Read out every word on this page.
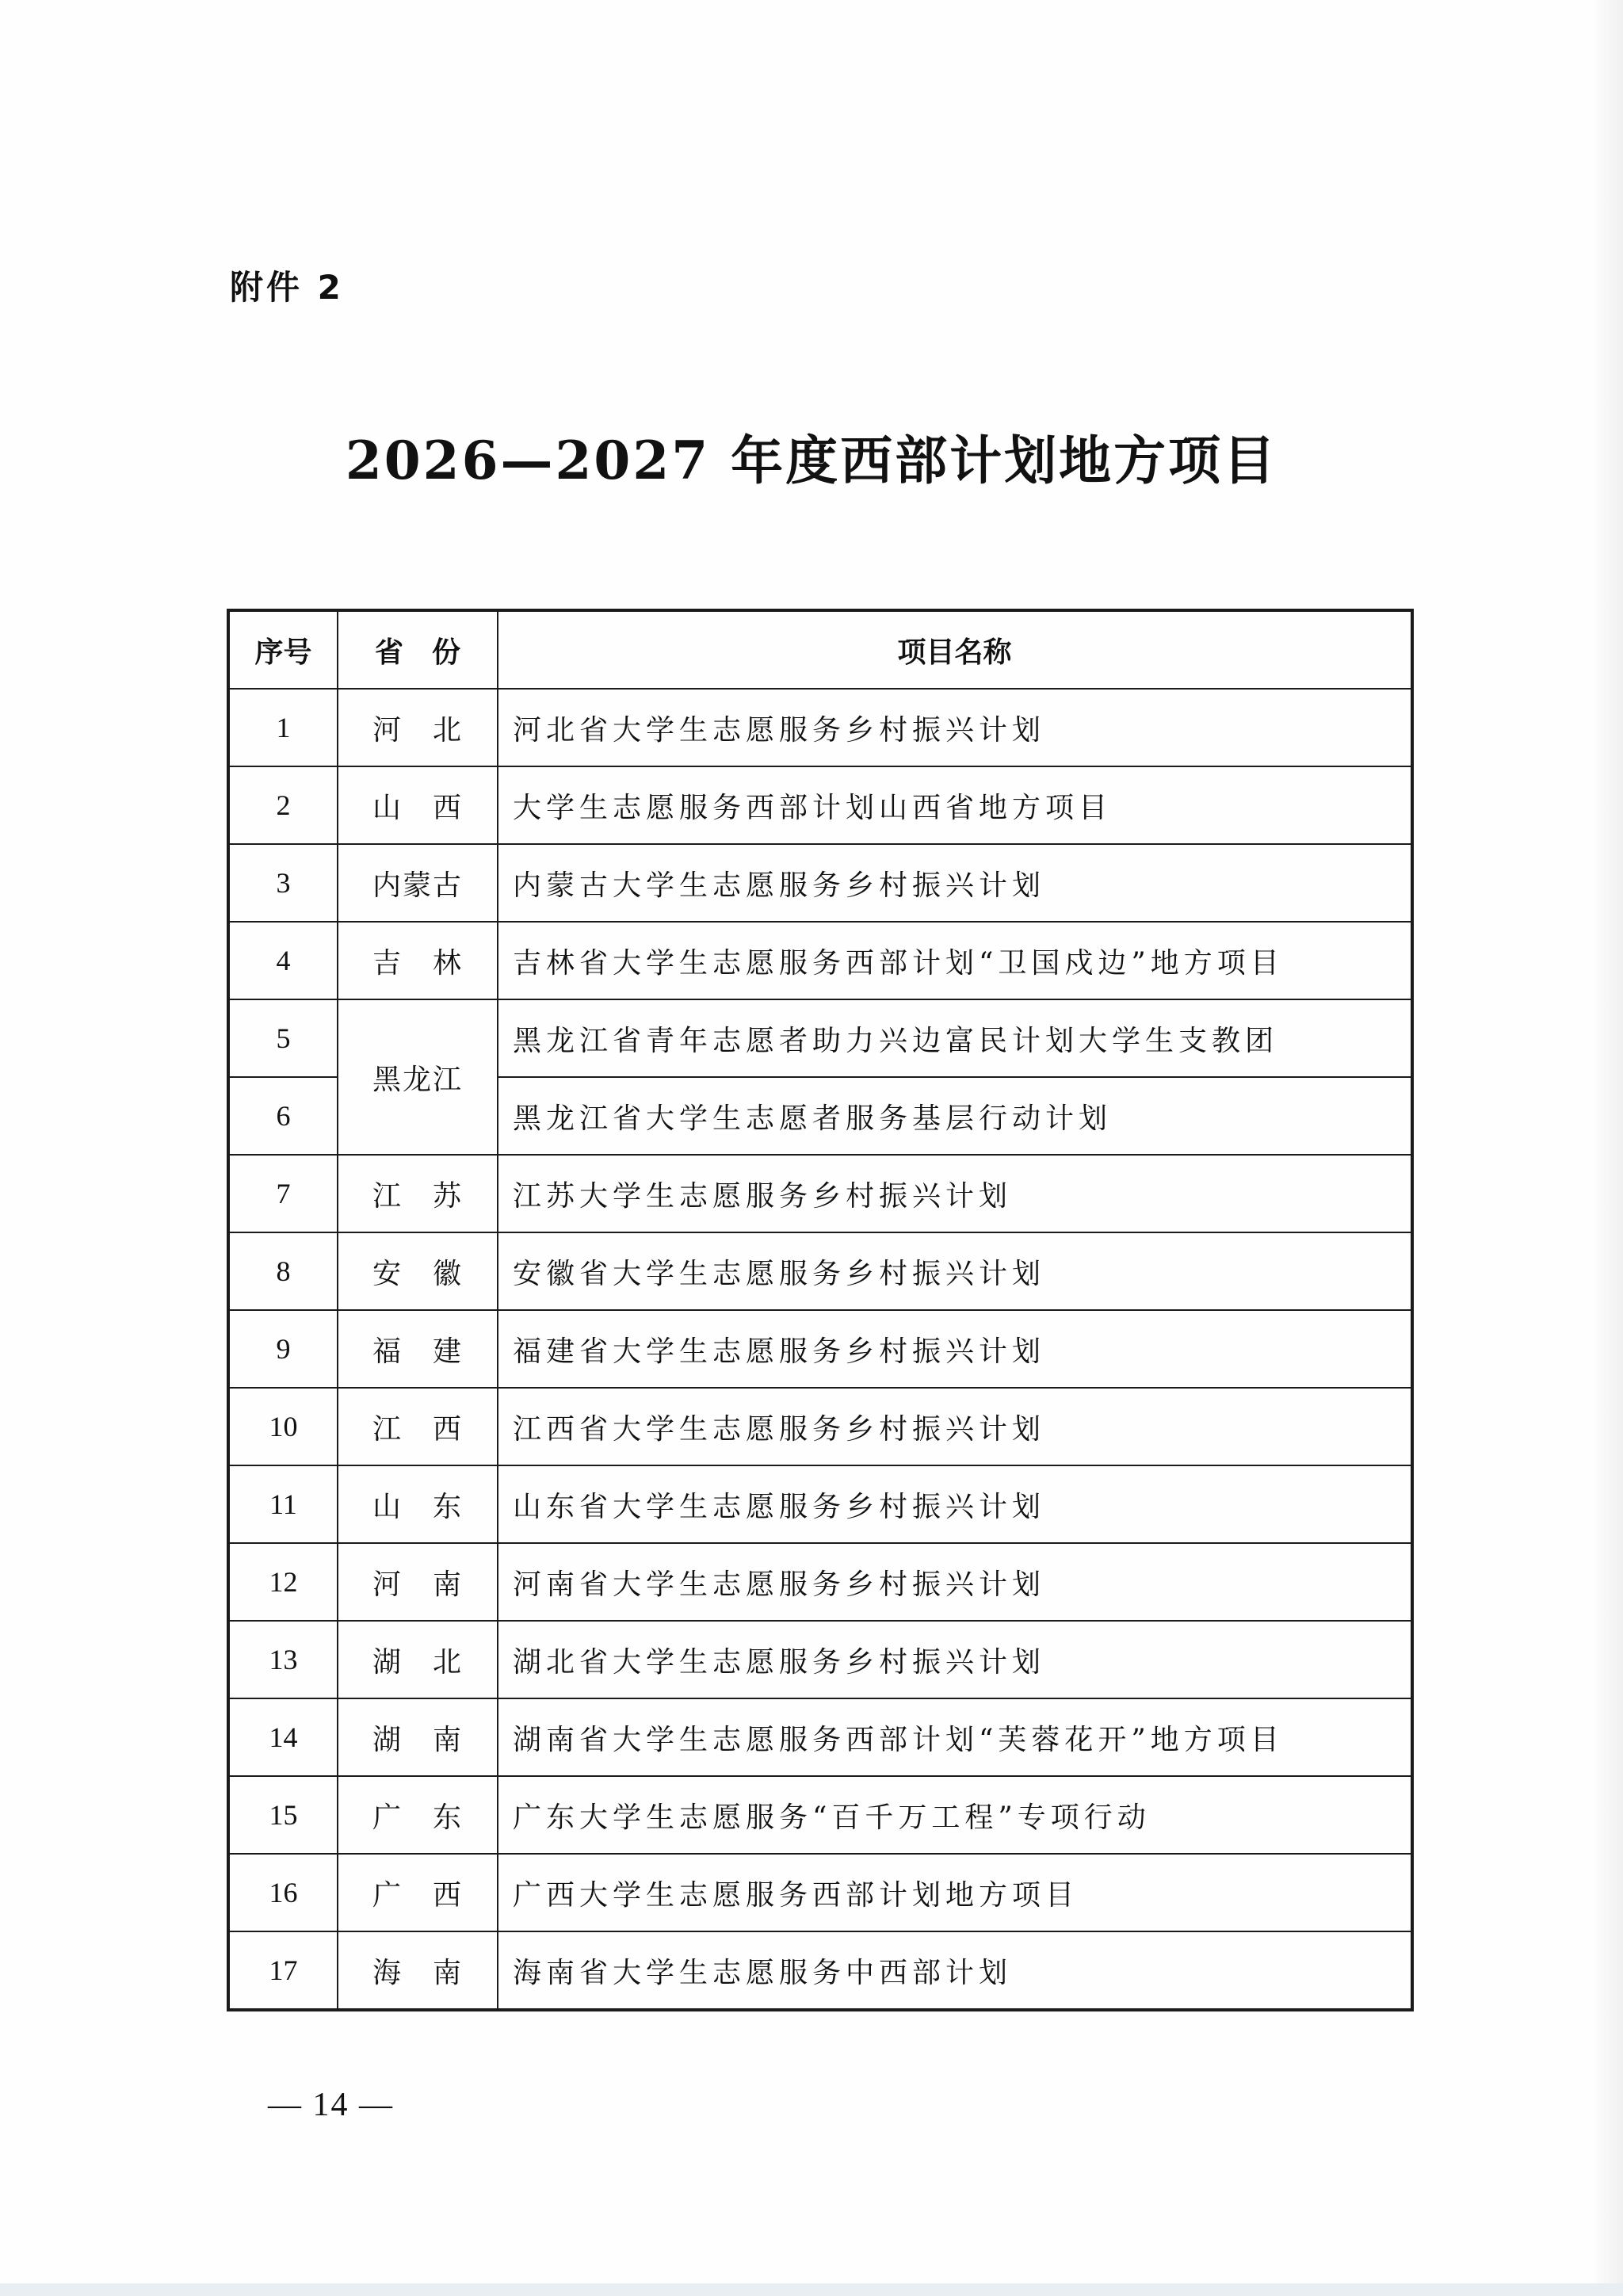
附件 2
2026—2027 年度西部计划地方项目
序号	省　份	项目名称
1	河　北	河北省大学生志愿服务乡村振兴计划
2	山　西	大学生志愿服务西部计划山西省地方项目
3	内蒙古	内蒙古大学生志愿服务乡村振兴计划
4	吉　林	吉林省大学生志愿服务西部计划“卫国戍边”地方项目
5	黑龙江	黑龙江省青年志愿者助力兴边富民计划大学生支教团
6		黑龙江省大学生志愿者服务基层行动计划
7	江　苏	江苏大学生志愿服务乡村振兴计划
8	安　徽	安徽省大学生志愿服务乡村振兴计划
9	福　建	福建省大学生志愿服务乡村振兴计划
10	江　西	江西省大学生志愿服务乡村振兴计划
11	山　东	山东省大学生志愿服务乡村振兴计划
12	河　南	河南省大学生志愿服务乡村振兴计划
13	湖　北	湖北省大学生志愿服务乡村振兴计划
14	湖　南	湖南省大学生志愿服务西部计划“芙蓉花开”地方项目
15	广　东	广东大学生志愿服务“百千万工程”专项行动
16	广　西	广西大学生志愿服务西部计划地方项目
17	海　南	海南省大学生志愿服务中西部计划
— 14 —
